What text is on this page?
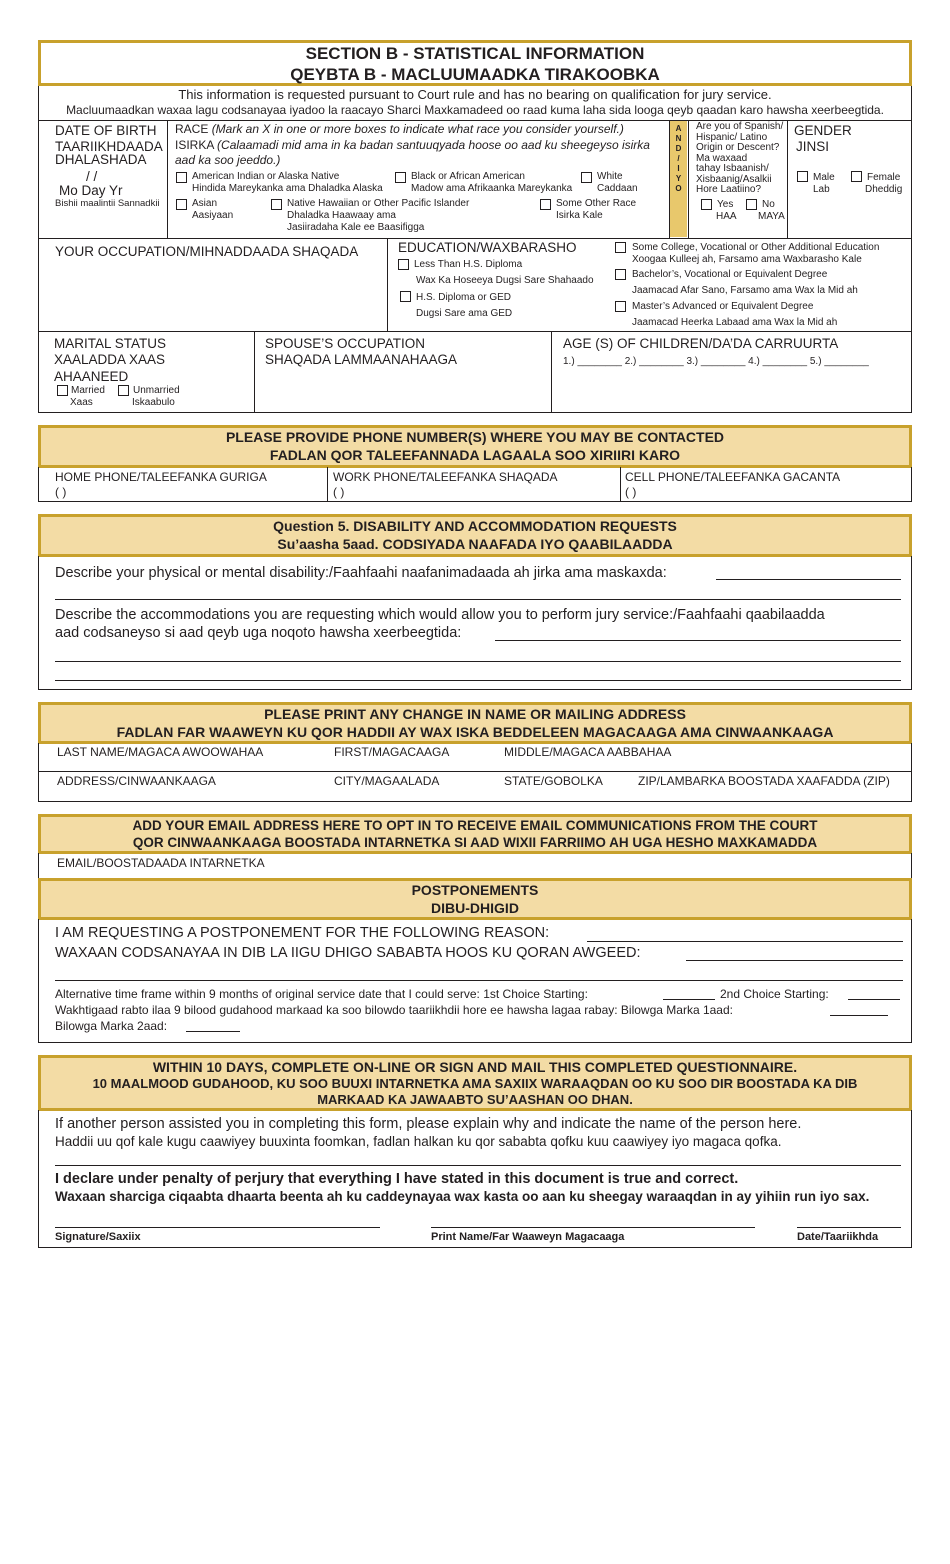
SECTION B - STATISTICAL INFORMATION
QEYBTA B - MACLUUMAADKA TIRAKOOBKA
This information is requested pursuant to Court rule and has no bearing on qualification for jury service.
Macluumaadkan waxaa lagu codsanayaa iyadoo la raacayo Sharci Maxkamadeed oo raad kuma laha sida looga qeyb qaadan karo hawsha xeerbeegtida.
DATE OF BIRTH
TAARIIKHDAADA
DHALASHADA
/ /
Mo Day Yr
Bishii maalintii Sannadkii
RACE (Mark an X in one or more boxes to indicate what race you consider yourself.)
ISIRKA (Calaamadi mid ama in ka badan santuuqyada hoose oo aad ku sheegeyso isirka
aad ka soo jeeddo.)
American Indian or Alaska Native
Hindida Mareykanka ama Dhaladka Alaska
Black or African American
Madow ama Afrikaanka Mareykanka
White
Caddaan
Asian
Aasiyaan
Native Hawaiian or Other Pacific Islander
Dhaladka Haawaay ama
Jasiiradaha Kale ee Baasifigga
Some Other Race
Isirka Kale
A
N
D
/
I
Y
O
Are you of Spanish/
Hispanic/ Latino
Origin or Descent?
Ma waxaad
tahay Isbaanish/
Xisbaanig/Asalkii
Hore Laatiino?
Yes	No
HAA MAYA
GENDER
JINSI
Male
Lab
Female
Dheddig
YOUR OCCUPATION/MIHNADDAADA SHAQADA	EDUCATION/WAXBARASHO
Less Than H.S. Diploma
Wax Ka Hoseeya Dugsi Sare Shahaado
H.S. Diploma or GED
Dugsi Sare ama GED
Some College, Vocational or Other Additional Education
Xoogaa Kulleej ah, Farsamo ama Waxbarasho Kale
Bachelor’s, Vocational or Equivalent Degree
Jaamacad Afar Sano, Farsamo ama Wax la Mid ah
Master’s Advanced or Equivalent Degree
Jaamacad Heerka Labaad ama Wax la Mid ah
MARITAL STATUS
XAALADDA XAAS
AHAANEED
Married
Xaas
Unmarried
Iskaabulo
SPOUSE’S OCCUPATION
SHAQADA LAMMAANAHAAGA
AGE (S) OF CHILDREN/DA’DA CARRUURTA
1.) ________ 2.) ________ 3.) ________ 4.) ________ 5.) ________
PLEASE PROVIDE PHONE NUMBER(S) WHERE YOU MAY BE CONTACTED
FADLAN QOR TALEEFANNADA LAGAALA SOO XIRIIRI KARO
HOME PHONE/TALEEFANKA GURIGA
( )
WORK PHONE/TALEEFANKA SHAQADA
( )
CELL PHONE/TALEEFANKA GACANTA
( )
Question 5. DISABILITY AND ACCOMMODATION REQUESTS
Su’aasha 5aad. CODSIYADA NAAFADA IYO QAABILAADDA
Describe your physical or mental disability:/Faahfaahi naafanimadaada ah jirka ama maskaxda:
Describe the accommodations you are requesting which would allow you to perform jury service:/Faahfaahi qaabilaadda
aad codsaneyso si aad qeyb uga noqoto hawsha xeerbeegtida:
PLEASE PRINT ANY CHANGE IN NAME OR MAILING ADDRESS
FADLAN FAR WAAWEYN KU QOR HADDII AY WAX ISKA BEDDELEEN MAGACAAGA AMA CINWAANKAAGA
LAST NAME/MAGACA AWOOWAHAA	FIRST/MAGACAAGA	MIDDLE/MAGACA AABBAHAA
ADDRESS/CINWAANKAAGA	CITY/MAGAALADA	STATE/GOBOLKA	ZIP/LAMBARKA BOOSTADA XAAFADDA (ZIP)
ADD YOUR EMAIL ADDRESS HERE TO OPT IN TO RECEIVE EMAIL COMMUNICATIONS FROM THE COURT
QOR CINWAANKAAGA BOOSTADA INTARNETKA SI AAD WIXII FARRIIMO AH UGA HESHO MAXKAMADDA
EMAIL/BOOSTADAADA INTARNETKA
POSTPONEMENTS
DIBU-DHIGID
I AM REQUESTING A POSTPONEMENT FOR THE FOLLOWING REASON:
WAXAAN CODSANAYAA IN DIB LA IIGU DHIGO SABABTA HOOS KU QORAN AWGEED:
Alternative time frame within 9 months of original service date that I could serve: 1st Choice Starting:	2nd Choice Starting:
Wakhtigaad rabto ilaa 9 bilood gudahood markaad ka soo bilowdo taariikhdii hore ee hawsha lagaa rabay: Bilowga Marka 1aad:
Bilowga Marka 2aad:
WITHIN 10 DAYS, COMPLETE ON-LINE OR SIGN AND MAIL THIS COMPLETED QUESTIONNAIRE.
10 MAALMOOD GUDAHOOD, KU SOO BUUXI INTARNETKA AMA SAXIIX WARAAQDAN OO KU SOO DIR BOOSTADA KA DIB
MARKAAD KA JAWAABTO SU’AASHAN OO DHAN.
If another person assisted you in completing this form, please explain why and indicate the name of the person here.
Haddii uu qof kale kugu caawiyey buuxinta foomkan, fadlan halkan ku qor sababta qofku kuu caawiyey iyo magaca qofka.
I declare under penalty of perjury that everything I have stated in this document is true and correct.
Waxaan sharciga ciqaabta dhaarta beenta ah ku caddeynayaa wax kasta oo aan ku sheegay waraaqdan in ay yihiin run iyo sax.
Signature/Saxiix	Print Name/Far Waaweyn Magacaaga	Date/Taariikhda
